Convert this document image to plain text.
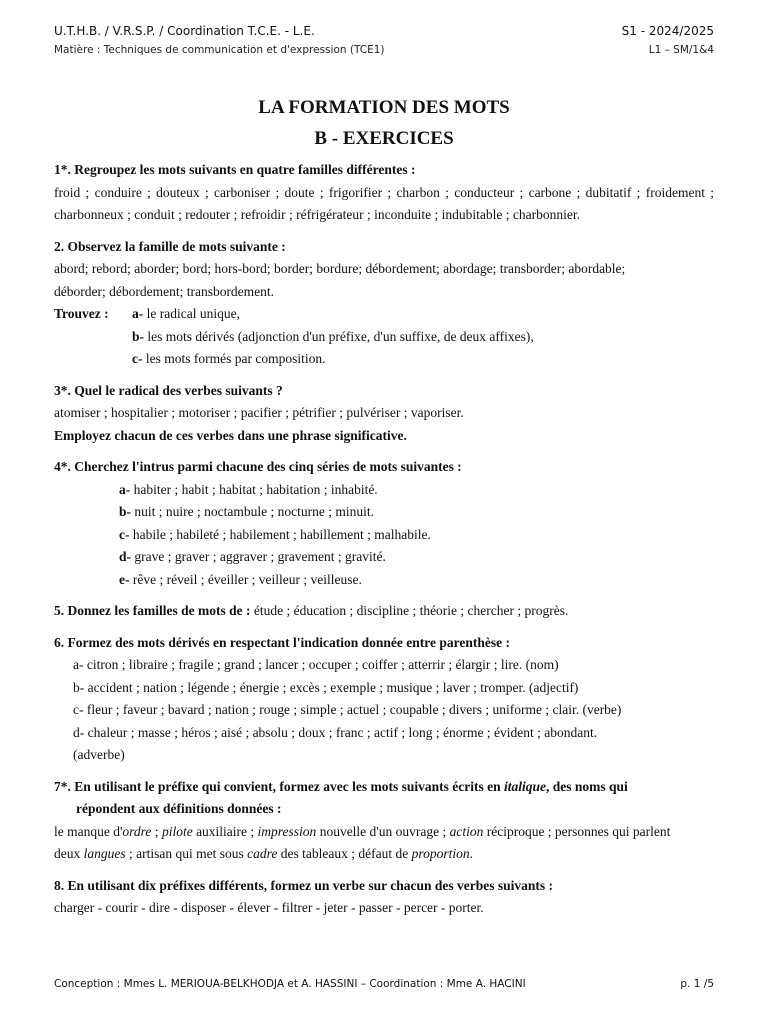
U.T.H.B. / V.R.S.P. / Coordination T.C.E. - L.E.	S1 - 2024/2025
Matière : Techniques de communication et d'expression (TCE1)	L1 – SM/1&4
LA FORMATION DES MOTS
B - EXERCICES
1*. Regroupez les mots suivants en quatre familles différentes :
froid ; conduire ; douteux ; carboniser ; doute ; frigorifier ; charbon ; conducteur ; carbone ; dubitatif ; froidement ; charbonneux ; conduit ; redouter ; refroidir ; réfrigérateur ; inconduite ; indubitable ; charbonnier.
2. Observez la famille de mots suivante :
abord; rebord; aborder; bord; hors-bord; border; bordure; débordement; abordage; transborder; abordable; déborder; débordement; transbordement.
Trouvez :	a- le radical unique,
b- les mots dérivés (adjonction d'un préfixe, d'un suffixe, de deux affixes),
c- les mots formés par composition.
3*. Quel le radical des verbes suivants ?
atomiser ; hospitalier ; motoriser ; pacifier ; pétrifier ; pulvériser ; vaporiser.
Employez chacun de ces verbes dans une phrase significative.
4*. Cherchez l'intrus parmi chacune des cinq séries de mots suivantes :
a- habiter ; habit ; habitat ; habitation ; inhabité.
b- nuit ; nuire ; noctambule ; nocturne ; minuit.
c- habile ; habileté ; habilement ; habillement ; malhabile.
d- grave ; graver ; aggraver ; gravement ; gravité.
e- rêve ; réveil ; éveiller ; veilleur ; veilleuse.
5. Donnez les familles de mots de : étude ; éducation ; discipline ; théorie ; chercher ; progrès.
6. Formez des mots dérivés en respectant l'indication donnée entre parenthèse :
a- citron ; libraire ; fragile ; grand ; lancer ; occuper ; coiffer ; atterrir ; élargir ; lire. (nom)
b- accident ; nation ; légende ; énergie ; excès ; exemple ; musique ; laver ; tromper. (adjectif)
c- fleur ; faveur ; bavard ; nation ; rouge ; simple ; actuel ; coupable ; divers ; uniforme ; clair. (verbe)
d- chaleur ; masse ; héros ; aisé ; absolu ; doux ; franc ; actif ; long ; énorme ; évident ; abondant.
(adverbe)
7*. En utilisant le préfixe qui convient, formez avec les mots suivants écrits en italique, des noms qui
répondent aux définitions données :
le manque d'ordre ; pilote auxiliaire ; impression nouvelle d'un ouvrage ; action réciproque ; personnes qui parlent deux langues ; artisan qui met sous cadre des tableaux ; défaut de proportion.
8. En utilisant dix préfixes différents, formez un verbe sur chacun des verbes suivants :
charger - courir - dire - disposer - élever - filtrer - jeter - passer - percer - porter.
Conception : Mmes L. MERIOUA-BELKHODJA et A. HASSINI – Coordination : Mme A. HACINI	p. 1 /5
